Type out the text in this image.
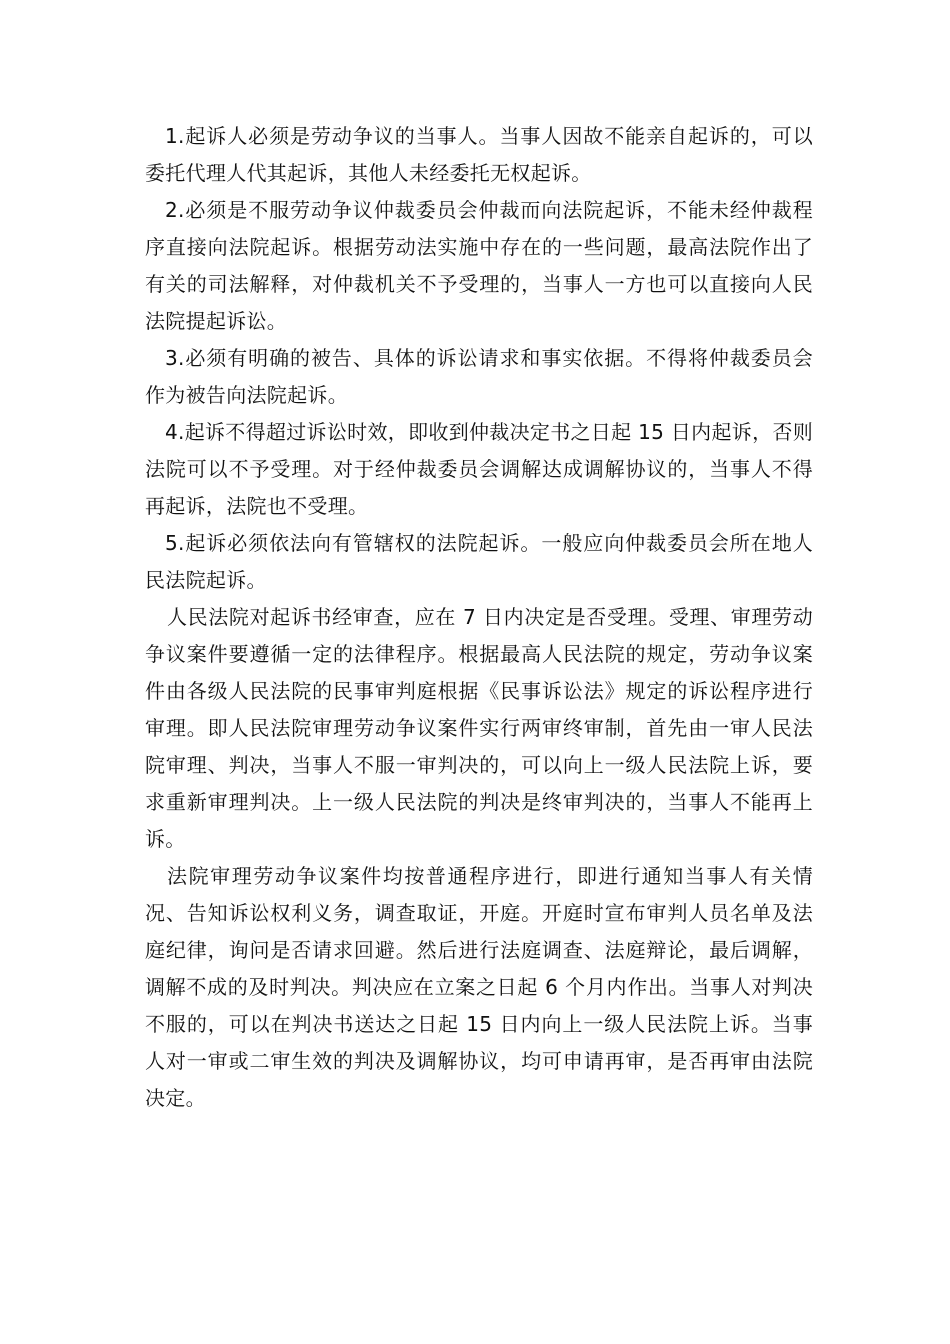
1.起诉人必须是劳动争议的当事人。当事人因故不能亲自起诉的，可以委托代理人代其起诉，其他人未经委托无权起诉。

2.必须是不服劳动争议仲裁委员会仲裁而向法院起诉，不能未经仲裁程序直接向法院起诉。根据劳动法实施中存在的一些问题，最高法院作出了有关的司法解释，对仲裁机关不予受理的，当事人一方也可以直接向人民法院提起诉讼。

3.必须有明确的被告、具体的诉讼请求和事实依据。不得将仲裁委员会作为被告向法院起诉。

4.起诉不得超过诉讼时效，即收到仲裁决定书之日起 15 日内起诉，否则法院可以不予受理。对于经仲裁委员会调解达成调解协议的，当事人不得再起诉，法院也不受理。

5.起诉必须依法向有管辖权的法院起诉。一般应向仲裁委员会所在地人民法院起诉。

人民法院对起诉书经审查，应在 7 日内决定是否受理。受理、审理劳动争议案件要遵循一定的法律程序。根据最高人民法院的规定，劳动争议案件由各级人民法院的民事审判庭根据《民事诉讼法》规定的诉讼程序进行审理。即人民法院审理劳动争议案件实行两审终审制，首先由一审人民法院审理、判决，当事人不服一审判决的，可以向上一级人民法院上诉，要求重新审理判决。上一级人民法院的判决是终审判决的，当事人不能再上诉。

法院审理劳动争议案件均按普通程序进行，即进行通知当事人有关情况、告知诉讼权利义务，调查取证，开庭。开庭时宣布审判人员名单及法庭纪律，询问是否请求回避。然后进行法庭调查、法庭辩论，最后调解，调解不成的及时判决。判决应在立案之日起 6 个月内作出。当事人对判决不服的，可以在判决书送达之日起 15 日内向上一级人民法院上诉。当事人对一审或二审生效的判决及调解协议，均可申请再审，是否再审由法院决定。
